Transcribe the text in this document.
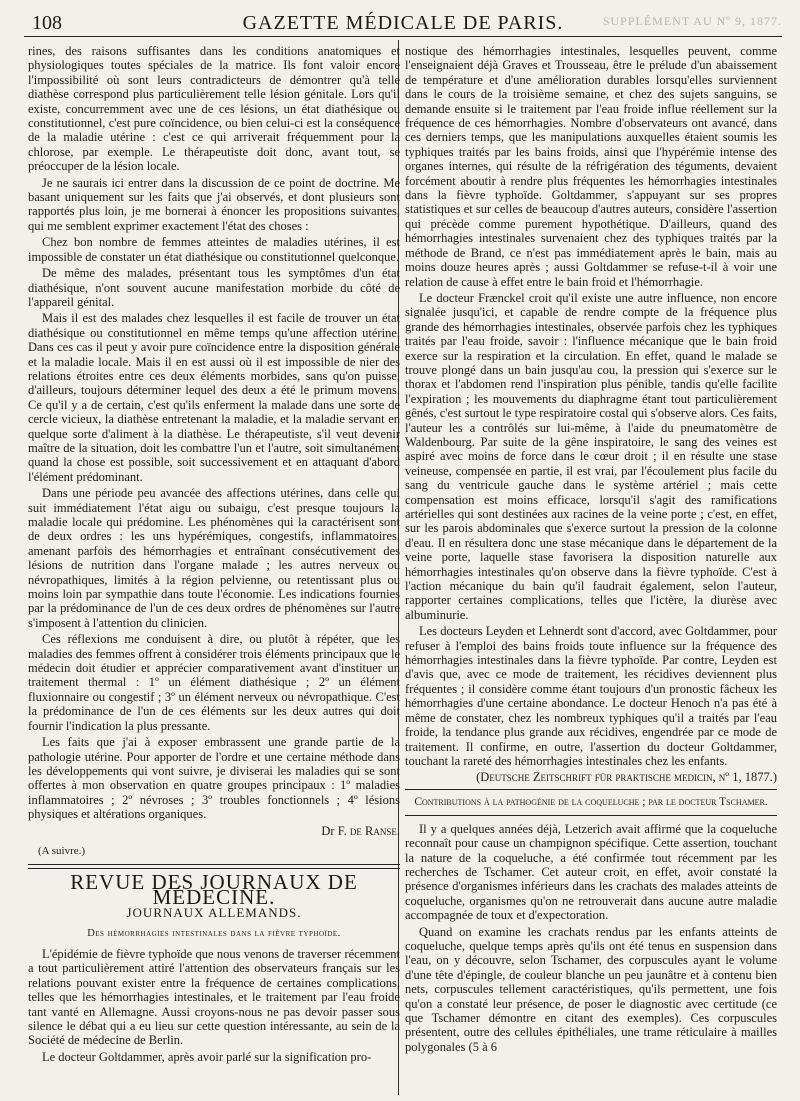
108	GAZETTE MÉDICALE DE PARIS.	SUPPLÉMENT AU Nº 9, 1877.

rines, des raisons suffisantes dans les conditions anatomiques et physiologiques toutes spéciales de la matrice. Ils font valoir encore l'impossibilité où sont leurs contradicteurs de démontrer qu'à telle diathèse correspond plus particulièrement telle lésion génitale. Lors qu'il existe, concurremment avec une de ces lésions, un état diathésique ou constitutionnel, c'est pure coïncidence, ou bien celui-ci est la conséquence de la maladie utérine : c'est ce qui arriverait fréquemment pour la chlorose, par exemple. Le thérapeutiste doit donc, avant tout, se préoccuper de la lésion locale.

Je ne saurais ici entrer dans la discussion de ce point de doctrine. Me basant uniquement sur les faits que j'ai observés, et dont plusieurs sont rapportés plus loin, je me bornerai à énoncer les propositions suivantes, qui me semblent exprimer exactement l'état des choses :

Chez bon nombre de femmes atteintes de maladies utérines, il est impossible de constater un état diathésique ou constitutionnel quelconque.

De même des malades, présentant tous les symptômes d'un état diathésique, n'ont souvent aucune manifestation morbide du côté de l'appareil génital.

Mais il est des malades chez lesquelles il est facile de trouver un état diathésique ou constitutionnel en même temps qu'une affection utérine. Dans ces cas il peut y avoir pure coïncidence entre la disposition générale et la maladie locale. Mais il en est aussi où il est impossible de nier des relations étroites entre ces deux éléments morbides, sans qu'on puisse, d'ailleurs, toujours déterminer lequel des deux a été le primum movens. Ce qu'il y a de certain, c'est qu'ils enferment la malade dans une sorte de cercle vicieux, la diathèse entretenant la maladie, et la maladie servant en quelque sorte d'aliment à la diathèse. Le thérapeutiste, s'il veut devenir maître de la situation, doit les combattre l'un et l'autre, soit simultanément quand la chose est possible, soit successivement et en attaquant d'abord l'élément prédominant.

Dans une période peu avancée des affections utérines, dans celle qui suit immédiatement l'état aigu ou subaigu, c'est presque toujours la maladie locale qui prédomine. Les phénomènes qui la caractérisent sont de deux ordres : les uns hypérémiques, congestifs, inflammatoires, amenant parfois des hémorrhagies et entraînant consécutivement des lésions de nutrition dans l'organe malade ; les autres nerveux ou névropathiques, limités à la région pelvienne, ou retentissant plus ou moins loin par sympathie dans toute l'économie. Les indications fournies par la prédominance de l'un de ces deux ordres de phénomènes sur l'autre s'imposent à l'attention du clinicien.

Ces réflexions me conduisent à dire, ou plutôt à répéter, que les maladies des femmes offrent à considérer trois éléments principaux que le médecin doit étudier et apprécier comparativement avant d'instituer un traitement thermal : 1º un élément diathésique ; 2º un élément fluxionnaire ou congestif ; 3º un élément nerveux ou névropathique. C'est la prédominance de l'un de ces éléments sur les deux autres qui doit fournir l'indication la plus pressante.

Les faits que j'ai à exposer embrassent une grande partie de la pathologie utérine. Pour apporter de l'ordre et une certaine méthode dans les développements qui vont suivre, je diviserai les maladies qui se sont offertes à mon observation en quatre groupes principaux : 1º maladies inflammatoires ; 2º névroses ; 3º troubles fonctionnels ; 4º lésions physiques et altérations organiques.

Dr F. de Ranse.
(A suivre.)
REVUE DES JOURNAUX DE MÉDECINE.
JOURNAUX ALLEMANDS.
Des hémorrhagies intestinales dans la fièvre typhoïde.

L'épidémie de fièvre typhoïde que nous venons de traverser récemment a tout particulièrement attiré l'attention des observateurs français sur les relations pouvant exister entre la fréquence de certaines complications, telles que les hémorrhagies intestinales, et le traitement par l'eau froide tant vanté en Allemagne. Aussi croyons-nous ne pas devoir passer sous silence le débat qui a eu lieu sur cette question intéressante, au sein de la Société de médecine de Berlin.

Le docteur Goltdammer, après avoir parlé sur la signification pro-

nostique des hémorrhagies intestinales, lesquelles peuvent, comme l'enseignaient déjà Graves et Trousseau, être le prélude d'un abaissement de température et d'une amélioration durables lorsqu'elles surviennent dans le cours de la troisième semaine, et chez des sujets sanguins, se demande ensuite si le traitement par l'eau froide influe réellement sur la fréquence de ces hémorrhagies. Nombre d'observateurs ont avancé, dans ces derniers temps, que les manipulations auxquelles étaient soumis les typhiques traités par les bains froids, ainsi que l'hypérémie intense des organes internes, qui résulte de la réfrigération des téguments, devaient forcément aboutir à rendre plus fréquentes les hémorrhagies intestinales dans la fièvre typhoïde. Goltdammer, s'appuyant sur ses propres statistiques et sur celles de beaucoup d'autres auteurs, considère l'assertion qui précède comme purement hypothétique. D'ailleurs, quand des hémorrhagies intestinales survenaient chez des typhiques traités par la méthode de Brand, ce n'est pas immédiatement après le bain, mais au moins douze heures après ; aussi Goltdammer se refuse-t-il à voir une relation de cause à effet entre le bain froid et l'hémorrhagie.

Le docteur Frænckel croit qu'il existe une autre influence, non encore signalée jusqu'ici, et capable de rendre compte de la fréquence plus grande des hémorrhagies intestinales, observée parfois chez les typhiques traités par l'eau froide, savoir : l'influence mécanique que le bain froid exerce sur la respiration et la circulation. En effet, quand le malade se trouve plongé dans un bain jusqu'au cou, la pression qui s'exerce sur le thorax et l'abdomen rend l'inspiration plus pénible, tandis qu'elle facilite l'expiration ; les mouvements du diaphragme étant tout particulièrement gênés, c'est surtout le type respiratoire costal qui s'observe alors. Ces faits, l'auteur les a contrôlés sur lui-même, à l'aide du pneumatomètre de Waldenbourg. Par suite de la gêne inspiratoire, le sang des veines est aspiré avec moins de force dans le cœur droit ; il en résulte une stase veineuse, compensée en partie, il est vrai, par l'écoulement plus facile du sang du ventricule gauche dans le système artériel ; mais cette compensation est moins efficace, lorsqu'il s'agit des ramifications artérielles qui sont destinées aux racines de la veine porte ; c'est, en effet, sur les parois abdominales que s'exerce surtout la pression de la colonne d'eau. Il en résultera donc une stase mécanique dans le département de la veine porte, laquelle stase favorisera la disposition naturelle aux hémorrhagies intestinales qu'on observe dans la fièvre typhoïde. C'est à l'action mécanique du bain qu'il faudrait également, selon l'auteur, rapporter certaines complications, telles que l'ictère, la diurèse avec albuminurie.

Les docteurs Leyden et Lehnerdt sont d'accord, avec Goltdammer, pour refuser à l'emploi des bains froids toute influence sur la fréquence des hémorrhagies intestinales dans la fièvre typhoïde. Par contre, Leyden est d'avis que, avec ce mode de traitement, les récidives deviennent plus fréquentes ; il considère comme étant toujours d'un pronostic fâcheux les hémorrhagies d'une certaine abondance. Le docteur Henoch n'a pas été à même de constater, chez les nombreux typhiques qu'il a traités par l'eau froide, la tendance plus grande aux récidives, engendrée par ce mode de traitement. Il confirme, en outre, l'assertion du docteur Goltdammer, touchant la rareté des hémorrhagies intestinales chez les enfants.

(Deutsche Zeitschrift für praktische medicin, nº 1, 1877.)
Contributions à la pathogénie de la coqueluche ; par le docteur Tschamer.

Il y a quelques années déjà, Letzerich avait affirmé que la coqueluche reconnaît pour cause un champignon spécifique. Cette assertion, touchant la nature de la coqueluche, a été confirmée tout récemment par les recherches de Tschamer. Cet auteur croit, en effet, avoir constaté la présence d'organismes inférieurs dans les crachats des malades atteints de coqueluche, organismes qu'on ne retrouverait dans aucune autre maladie accompagnée de toux et d'expectoration.

Quand on examine les crachats rendus par les enfants atteints de coqueluche, quelque temps après qu'ils ont été tenus en suspension dans l'eau, on y découvre, selon Tschamer, des corpuscules ayant le volume d'une tête d'épingle, de couleur blanche un peu jaunâtre et à contenu bien nets, corpuscules tellement caractéristiques, qu'ils permettent, une fois qu'on a constaté leur présence, de poser le diagnostic avec certitude (ce que Tschamer démontre en citant des exemples). Ces corpuscules présentent, outre des cellules épithéliales, une trame réticulaire à mailles polygonales (5 à 6
